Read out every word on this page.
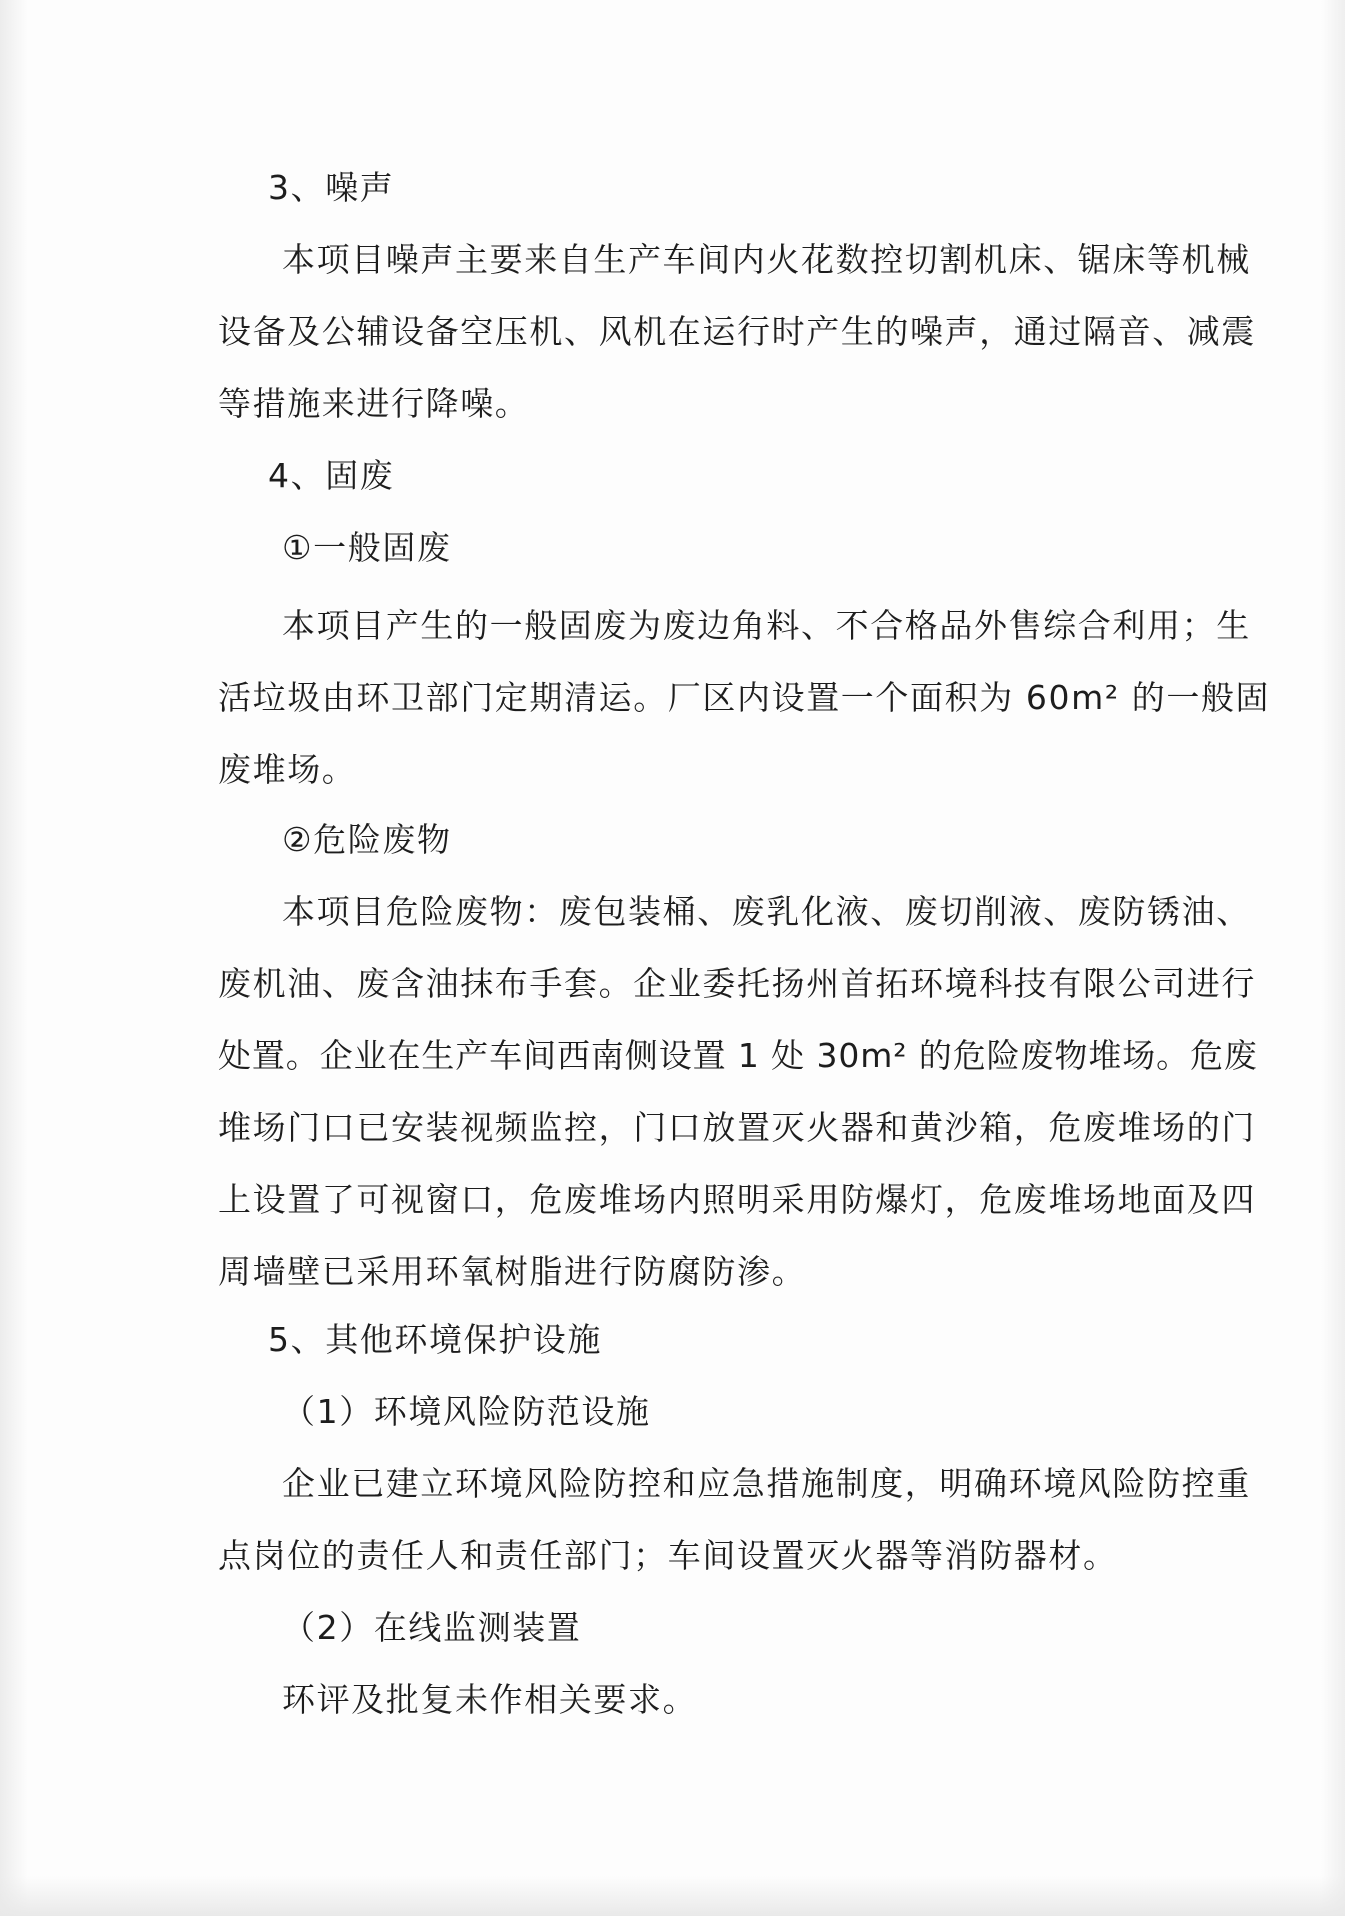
3、噪声
本项目噪声主要来自生产车间内火花数控切割机床、锯床等机械
设备及公辅设备空压机、风机在运行时产生的噪声，通过隔音、减震
等措施来进行降噪。
4、固废
①一般固废
本项目产生的一般固废为废边角料、不合格品外售综合利用；生
活垃圾由环卫部门定期清运。厂区内设置一个面积为 60m² 的一般固
废堆场。
②危险废物
本项目危险废物：废包装桶、废乳化液、废切削液、废防锈油、
废机油、废含油抹布手套。企业委托扬州首拓环境科技有限公司进行
处置。企业在生产车间西南侧设置 1 处 30m² 的危险废物堆场。危废
堆场门口已安装视频监控，门口放置灭火器和黄沙箱，危废堆场的门
上设置了可视窗口，危废堆场内照明采用防爆灯，危废堆场地面及四
周墙壁已采用环氧树脂进行防腐防渗。
5、其他环境保护设施
（1）环境风险防范设施
企业已建立环境风险防控和应急措施制度，明确环境风险防控重
点岗位的责任人和责任部门；车间设置灭火器等消防器材。
（2）在线监测装置
环评及批复未作相关要求。
